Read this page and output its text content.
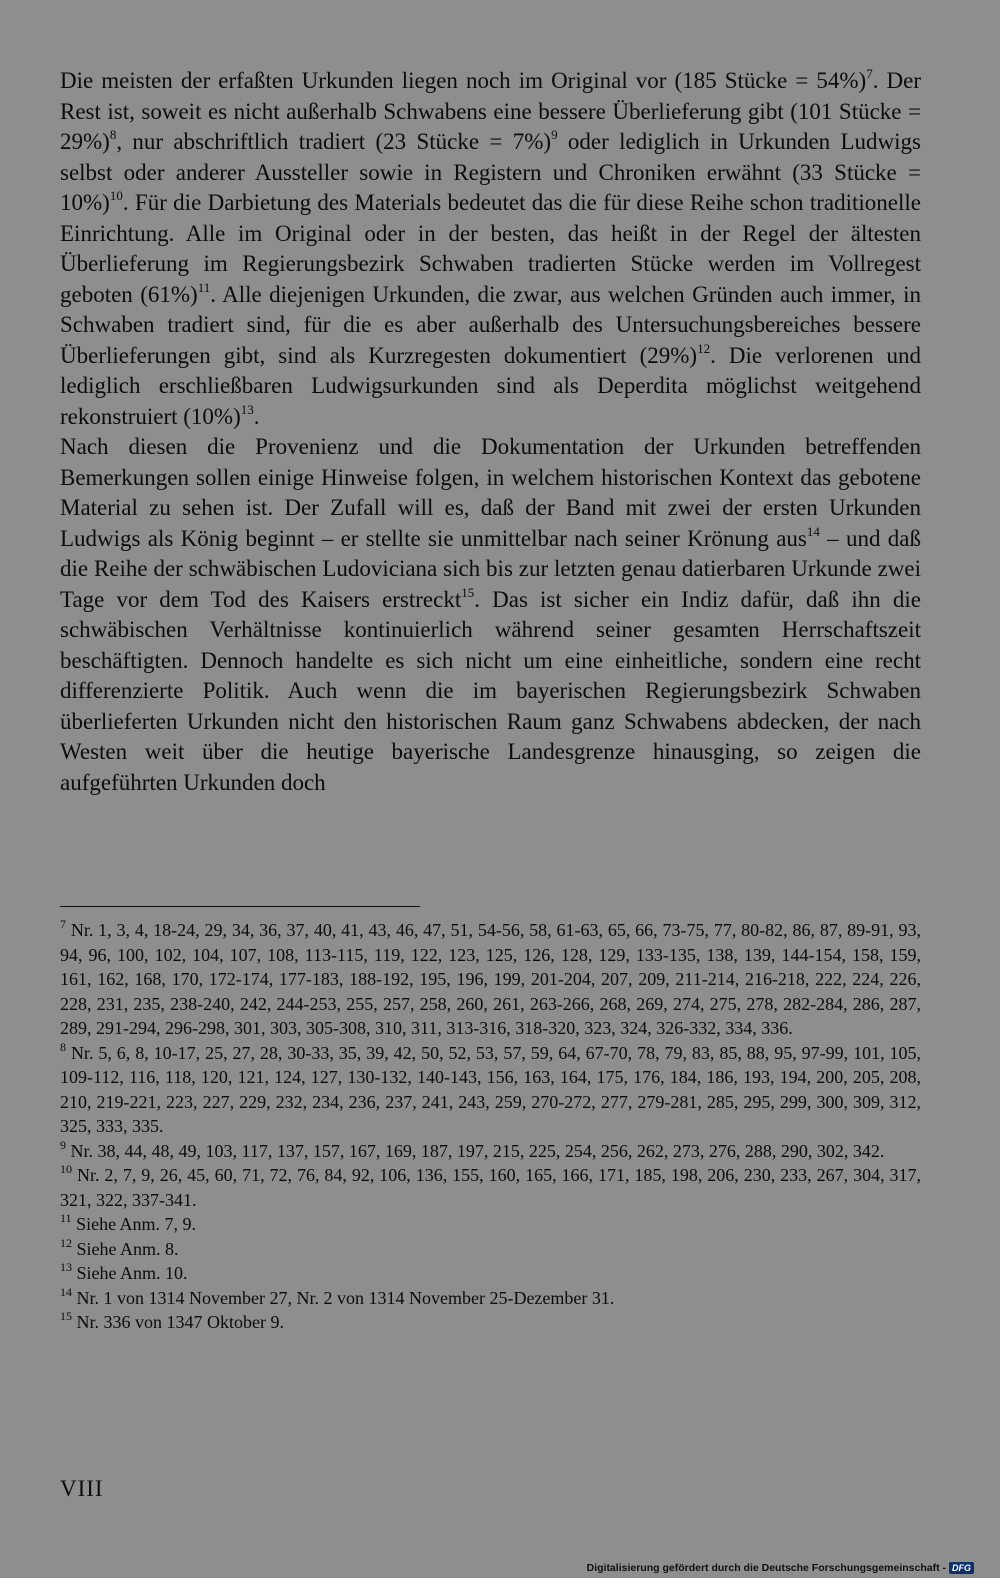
Die meisten der erfaßten Urkunden liegen noch im Original vor (185 Stücke = 54%)$^7$. Der Rest ist, soweit es nicht außerhalb Schwabens eine bessere Überlieferung gibt (101 Stücke = 29%)$^8$, nur abschriftlich tradiert (23 Stücke = 7%)$^9$ oder lediglich in Urkunden Ludwigs selbst oder anderer Aussteller sowie in Registern und Chroniken erwähnt (33 Stücke = 10%)$^{10}$. Für die Darbietung des Materials bedeutet das die für diese Reihe schon traditionelle Einrichtung. Alle im Original oder in der besten, das heißt in der Regel der ältesten Überlieferung im Regierungsbezirk Schwaben tradierten Stücke werden im Vollregest geboten $(61\%)^{11}$. Alle diejenigen Urkunden, die zwar, aus welchen Gründen auch immer, in Schwaben tradiert sind, für die es aber außerhalb des Untersuchungsbereiches bessere Überlieferungen gibt, sind als Kurzregesten dokumentiert $(29\%)^{12}$. Die verlorenen und lediglich erschließbaren Ludwigsurkunden sind als Deperdita möglichst weitgehend rekonstruiert $(10\%)^{13}$.

Nach diesen die Provenienz und die Dokumentation der Urkunden betreffenden Bemerkungen sollen einige Hinweise folgen, in welchem historischen Kontext das gebotene Material zu sehen ist. Der Zufall will es, daß der Band mit zwei der ersten Urkunden Ludwigs als König beginnt – er stellte sie unmittelbar nach seiner Krönung aus$^{14}$ – und daß die Reihe der schwäbischen Ludoviciana sich bis zur letzten genau datierbaren Urkunde zwei Tage vor dem Tod des Kaisers erstreckt$^{15}$. Das ist sicher ein Indiz dafür, daß ihn die schwäbischen Verhältnisse kontinuierlich während seiner gesamten Herrschaftszeit beschäftigten. Dennoch handelte es sich nicht um eine einheitliche, sondern eine recht differenzierte Politik. Auch wenn die im bayerischen Regierungsbezirk Schwaben überlieferten Urkunden nicht den historischen Raum ganz Schwabens abdecken, der nach Westen weit über die heutige bayerische Landesgrenze hinausging, so zeigen die aufgeführten Urkunden doch

$^7$ Nr. 1, 3, 4, 18-24, 29, 34, 36, 37, 40, 41, 43, 46, 47, 51, 54-56, 58, 61-63, 65, 66, 73-75, 77, 80-82, 86, 87, 89-91, 93, 94, 96, 100, 102, 104, 107, 108, 113-115, 119, 122, 123, 125, 126, 128, 129, 133-135, 138, 139, 144-154, 158, 159, 161, 162, 168, 170, 172-174, 177-183, 188-192, 195, 196, 199, 201-204, 207, 209, 211-214, 216-218, 222, 224, 226, 228, 231, 235, 238-240, 242, 244-253, 255, 257, 258, 260, 261, 263-266, 268, 269, 274, 275, 278, 282-284, 286, 287, 289, 291-294, 296-298, 301, 303, 305-308, 310, 311, 313-316, 318-320, 323, 324, 326-332, 334, 336.

$^8$ Nr. 5, 6, 8, 10-17, 25, 27, 28, 30-33, 35, 39, 42, 50, 52, 53, 57, 59, 64, 67-70, 78, 79, 83, 85, 88, 95, 97-99, 101, 105, 109-112, 116, 118, 120, 121, 124, 127, 130-132, 140-143, 156, 163, 164, 175, 176, 184, 186, 193, 194, 200, 205, 208, 210, 219-221, 223, 227, 229, 232, 234, 236, 237, 241, 243, 259, 270-272, 277, 279-281, 285, 295, 299, 300, 309, 312, 325, 333, 335.

$^9$ Nr. 38, 44, 48, 49, 103, 117, 137, 157, 167, 169, 187, 197, 215, 225, 254, 256, 262, 273, 276, 288, 290, 302, 342.

$^{10}$ Nr. 2, 7, 9, 26, 45, 60, 71, 72, 76, 84, 92, 106, 136, 155, 160, 165, 166, 171, 185, 198, 206, 230, 233, 267, 304, 317, 321, 322, 337-341.

$^{11}$ Siehe Anm. 7, 9.

$^{12}$ Siehe Anm. 8.

$^{13}$ Siehe Anm. 10.

$^{14}$ Nr. 1 von 1314 November 27, Nr. 2 von 1314 November 25-Dezember 31.

$^{15}$ Nr. 336 von 1347 Oktober 9.

VIII
Digitalisierung gefördert durch die Deutsche Forschungsgemeinschaft - DFG
